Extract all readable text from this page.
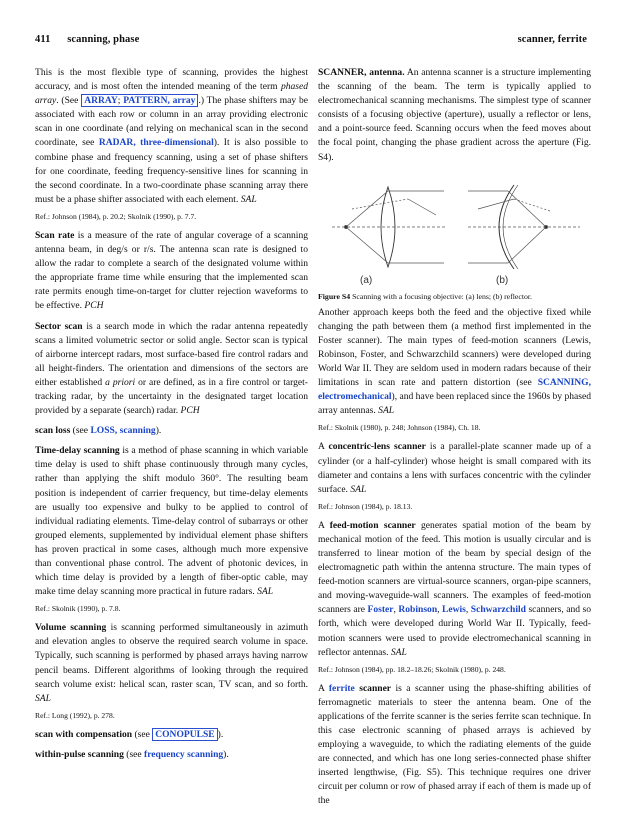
411 scanning, phase	scanner, ferrite

This is the most flexible type of scanning, provides the highest accuracy, and is most often the intended meaning of the term phased array. (See ARRAY; PATTERN, array .) The phase shifters may be associated with each row or column in an array providing electronic scan in one coordinate (and relying on mechanical scan in the second coordinate, see RADAR, three-dimensional). It is also possible to combine phase and frequency scanning, using a set of phase shifters for one coordinate, feeding frequency-sensitive lines for scanning in the second coordinate. In a two-coordinate phase scanning array there must be a phase shifter associated with each element. SAL

Ref.: Johnson (1984), p. 20.2; Skolnik (1990), p. 7.7.

Scan rate is a measure of the rate of angular coverage of a scanning antenna beam, in deg/s or r/s. The antenna scan rate is designed to allow the radar to complete a search of the designated volume within the appropriate frame time while ensuring that the implemented scan rate permits enough time-on-target for clutter rejection waveforms to be effective. PCH

Sector scan is a search mode in which the radar antenna repeatedly scans a limited volumetric sector or solid angle. Sector scan is typical of airborne intercept radars, most surface-based fire control radars and all height-finders. The orientation and dimensions of the sectors are either established a priori or are defined, as in a fire control or target-tracking radar, by the uncertainty in the designated target location provided by a separate (search) radar. PCH

scan loss (see LOSS, scanning).

Time-delay scanning is a method of phase scanning in which variable time delay is used to shift phase continuously through many cycles, rather than applying the shift modulo 360°. The resulting beam position is independent of carrier frequency, but time-delay elements are usually too expensive and bulky to be applied to control of individual radiating elements. Time-delay control of subarrays or other grouped elements, supplemented by individual element phase shifters has proven practical in some cases, although much more expensive than conventional phase control. The advent of photonic devices, in which time delay is provided by a length of fiber-optic cable, may make time delay scanning more practical in future radars. SAL

Ref.: Skolnik (1990), p. 7.8.

Volume scanning is scanning performed simultaneously in azimuth and elevation angles to observe the required search volume in space. Typically, such scanning is performed by phased arrays having narrow pencil beams. Different algorithms of looking through the required search volume exist: helical scan, raster scan, TV scan, and so forth. SAL

Ref.: Long (1992), p. 278.

scan with compensation (see CONOPULSE ).

within-pulse scanning (see frequency scanning).

SCANNER, antenna. An antenna scanner is a structure implementing the scanning of the beam. The term is typically applied to electromechanical scanning mechanisms. The simplest type of scanner consists of a focusing objective (aperture), usually a reflector or lens, and a point-source feed. Scanning occurs when the feed moves about the focal point, changing the phase gradient across the aperture (Fig. S4).

(a)	(b)

Figure S4 Scanning with a focusing objective: (a) lens; (b) reflector.

Another approach keeps both the feed and the objective fixed while changing the path between them (a method first implemented in the Foster scanner). The main types of feed-motion scanners (Lewis, Robinson, Foster, and Schwarzchild scanners) were developed during World War II. They are seldom used in modern radars because of their limitations in scan rate and pattern distortion (see SCANNING, electromechanical), and have been replaced since the 1960s by phased array antennas. SAL

Ref.: Skolnik (1980), p. 248; Johnson (1984), Ch. 18.

A concentric-lens scanner is a parallel-plate scanner made up of a cylinder (or a half-cylinder) whose height is small compared with its diameter and contains a lens with surfaces concentric with the cylinder surface. SAL

Ref.: Johnson (1984), p. 18.13.

A feed-motion scanner generates spatial motion of the beam by mechanical motion of the feed. This motion is usually circular and is transferred to linear motion of the beam by special design of the electromagnetic path within the antenna structure. The main types of feed-motion scanners are virtual-source scanners, organ-pipe scanners, and moving-waveguide-wall scanners. The examples of feed-motion scanners are Foster, Robinson, Lewis, Schwarzchild scanners, and so forth, which were developed during World War II. Typically, feed-motion scanners were used to provide electromechanical scanning in reflector antennas. SAL

Ref.: Johnson (1984), pp. 18.2–18.26; Skolnik (1980), p. 248.

A ferrite scanner is a scanner using the phase-shifting abilities of ferromagnetic materials to steer the antenna beam. One of the applications of the ferrite scanner is the series ferrite scan technique. In this case electronic scanning of phased arrays is achieved by employing a waveguide, to which the radiating elements of the guide are connected, and which has one long series-connected phase shifter inserted lengthwise, (Fig. S5). This technique requires one driver circuit per column or row of phased array if each of them is made up of the
